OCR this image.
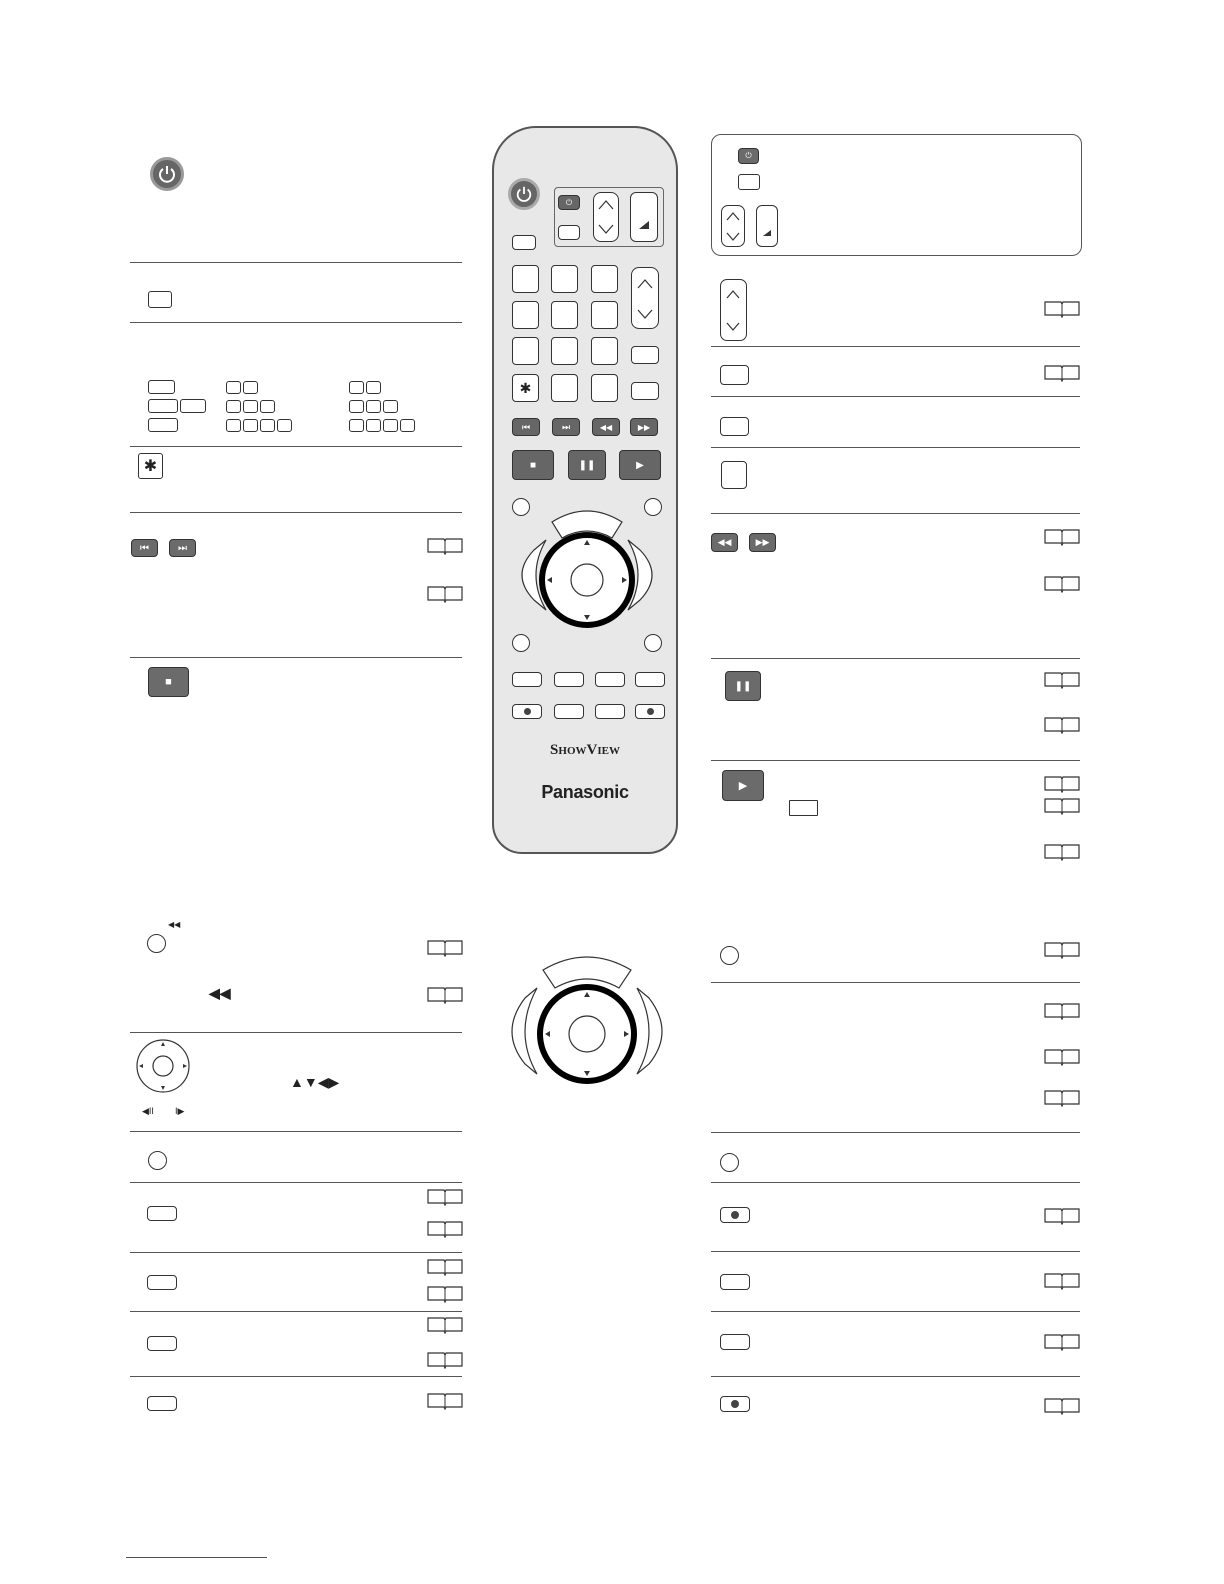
✱
⏮	⏭
■
◀◀
◀◀
▲▼◀▶
◀II I▶
⏻
✱
⏮	⏭	◀◀	▶▶
■	❚❚	▶
ShowView
Panasonic
⏻
◀◀	▶▶
❚❚
▶
